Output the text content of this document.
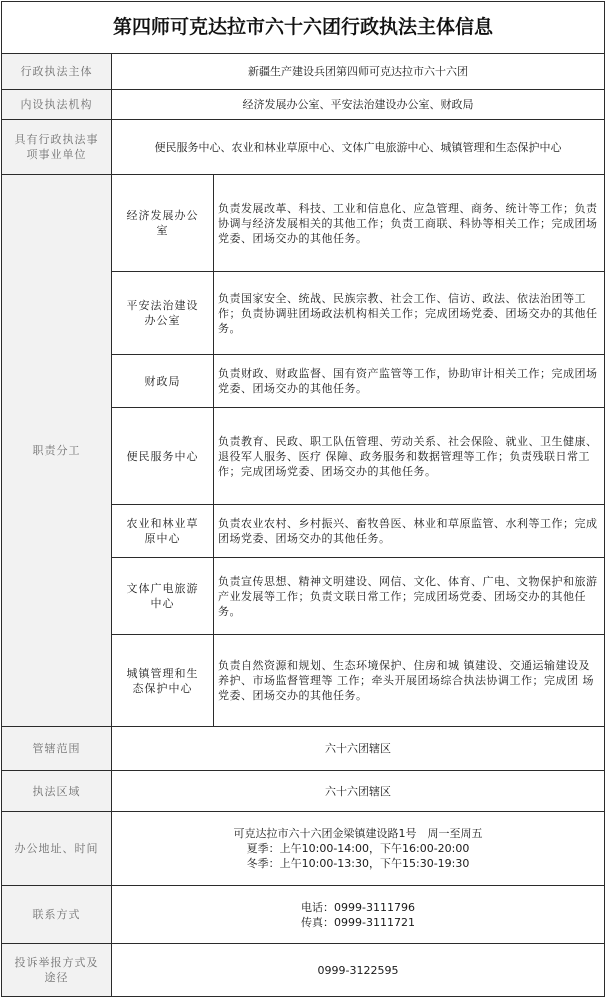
第四师可克达拉市六十六团行政执法主体信息		
行政执法主体	新疆生产建设兵团第四师可克达拉市六十六团	
内设执法机构	经济发展办公室、平安法治建设办公室、财政局	
具有行政执法事项事业单位	便民服务中心、农业和林业草原中心、文体广电旅游中心、城镇管理和生态保护中心	
职责分工	经济发展办公室	负责发展改革、科技、工业和信息化、应急管理、商务、统计等工作；负责协调与经济发展相关的其他工作；负责工商联、科协等相关工作；完成团场党委、团场交办的其他任务。
	平安法治建设办公室	负责国家安全、统战、民族宗教、社会工作、信访、政法、依法治团等工作；负责协调驻团场政法机构相关工作；完成团场党委、团场交办的其他任务。
	财政局	负责财政、财政监督、国有资产监管等工作，协助审计相关工作；完成团场党委、团场交办的其他任务。
	便民服务中心	负责教育、民政、职工队伍管理、劳动关系、社会保险、就业、卫生健康、退役军人服务、医疗 保障、政务服务和数据管理等工作；负责残联日常工作；完成团场党委、团场交办的其他任务。
	农业和林业草原中心	负责农业农村、乡村振兴、畜牧兽医、林业和草原监管、水利等工作；完成团场党委、团场交办的其他任务。
	文体广电旅游中心	负责宣传思想、精神文明建设、网信、文化、体育、广电、文物保护和旅游产业发展等工作；负责文联日常工作；完成团场党委、团场交办的其他任务。
	城镇管理和生态保护中心	负责自然资源和规划、生态环境保护、住房和城 镇建设、交通运输建设及养护、市场监督管理等 工作；牵头开展团场综合执法协调工作；完成团 场党委、团场交办的其他任务。
管辖范围	六十六团辖区	
执法区域	六十六团辖区	
办公地址、时间	可克达拉市六十六团金梁镇建设路1号　周一至周五
夏季：上午10:00-14:00，下午16:00-20:00
冬季：上午10:00-13:30，下午15:30-19:30	

联系方式	电话：0999-3111796
传真：0999-3111721	

投诉举报方式及途径	0999-3122595	
